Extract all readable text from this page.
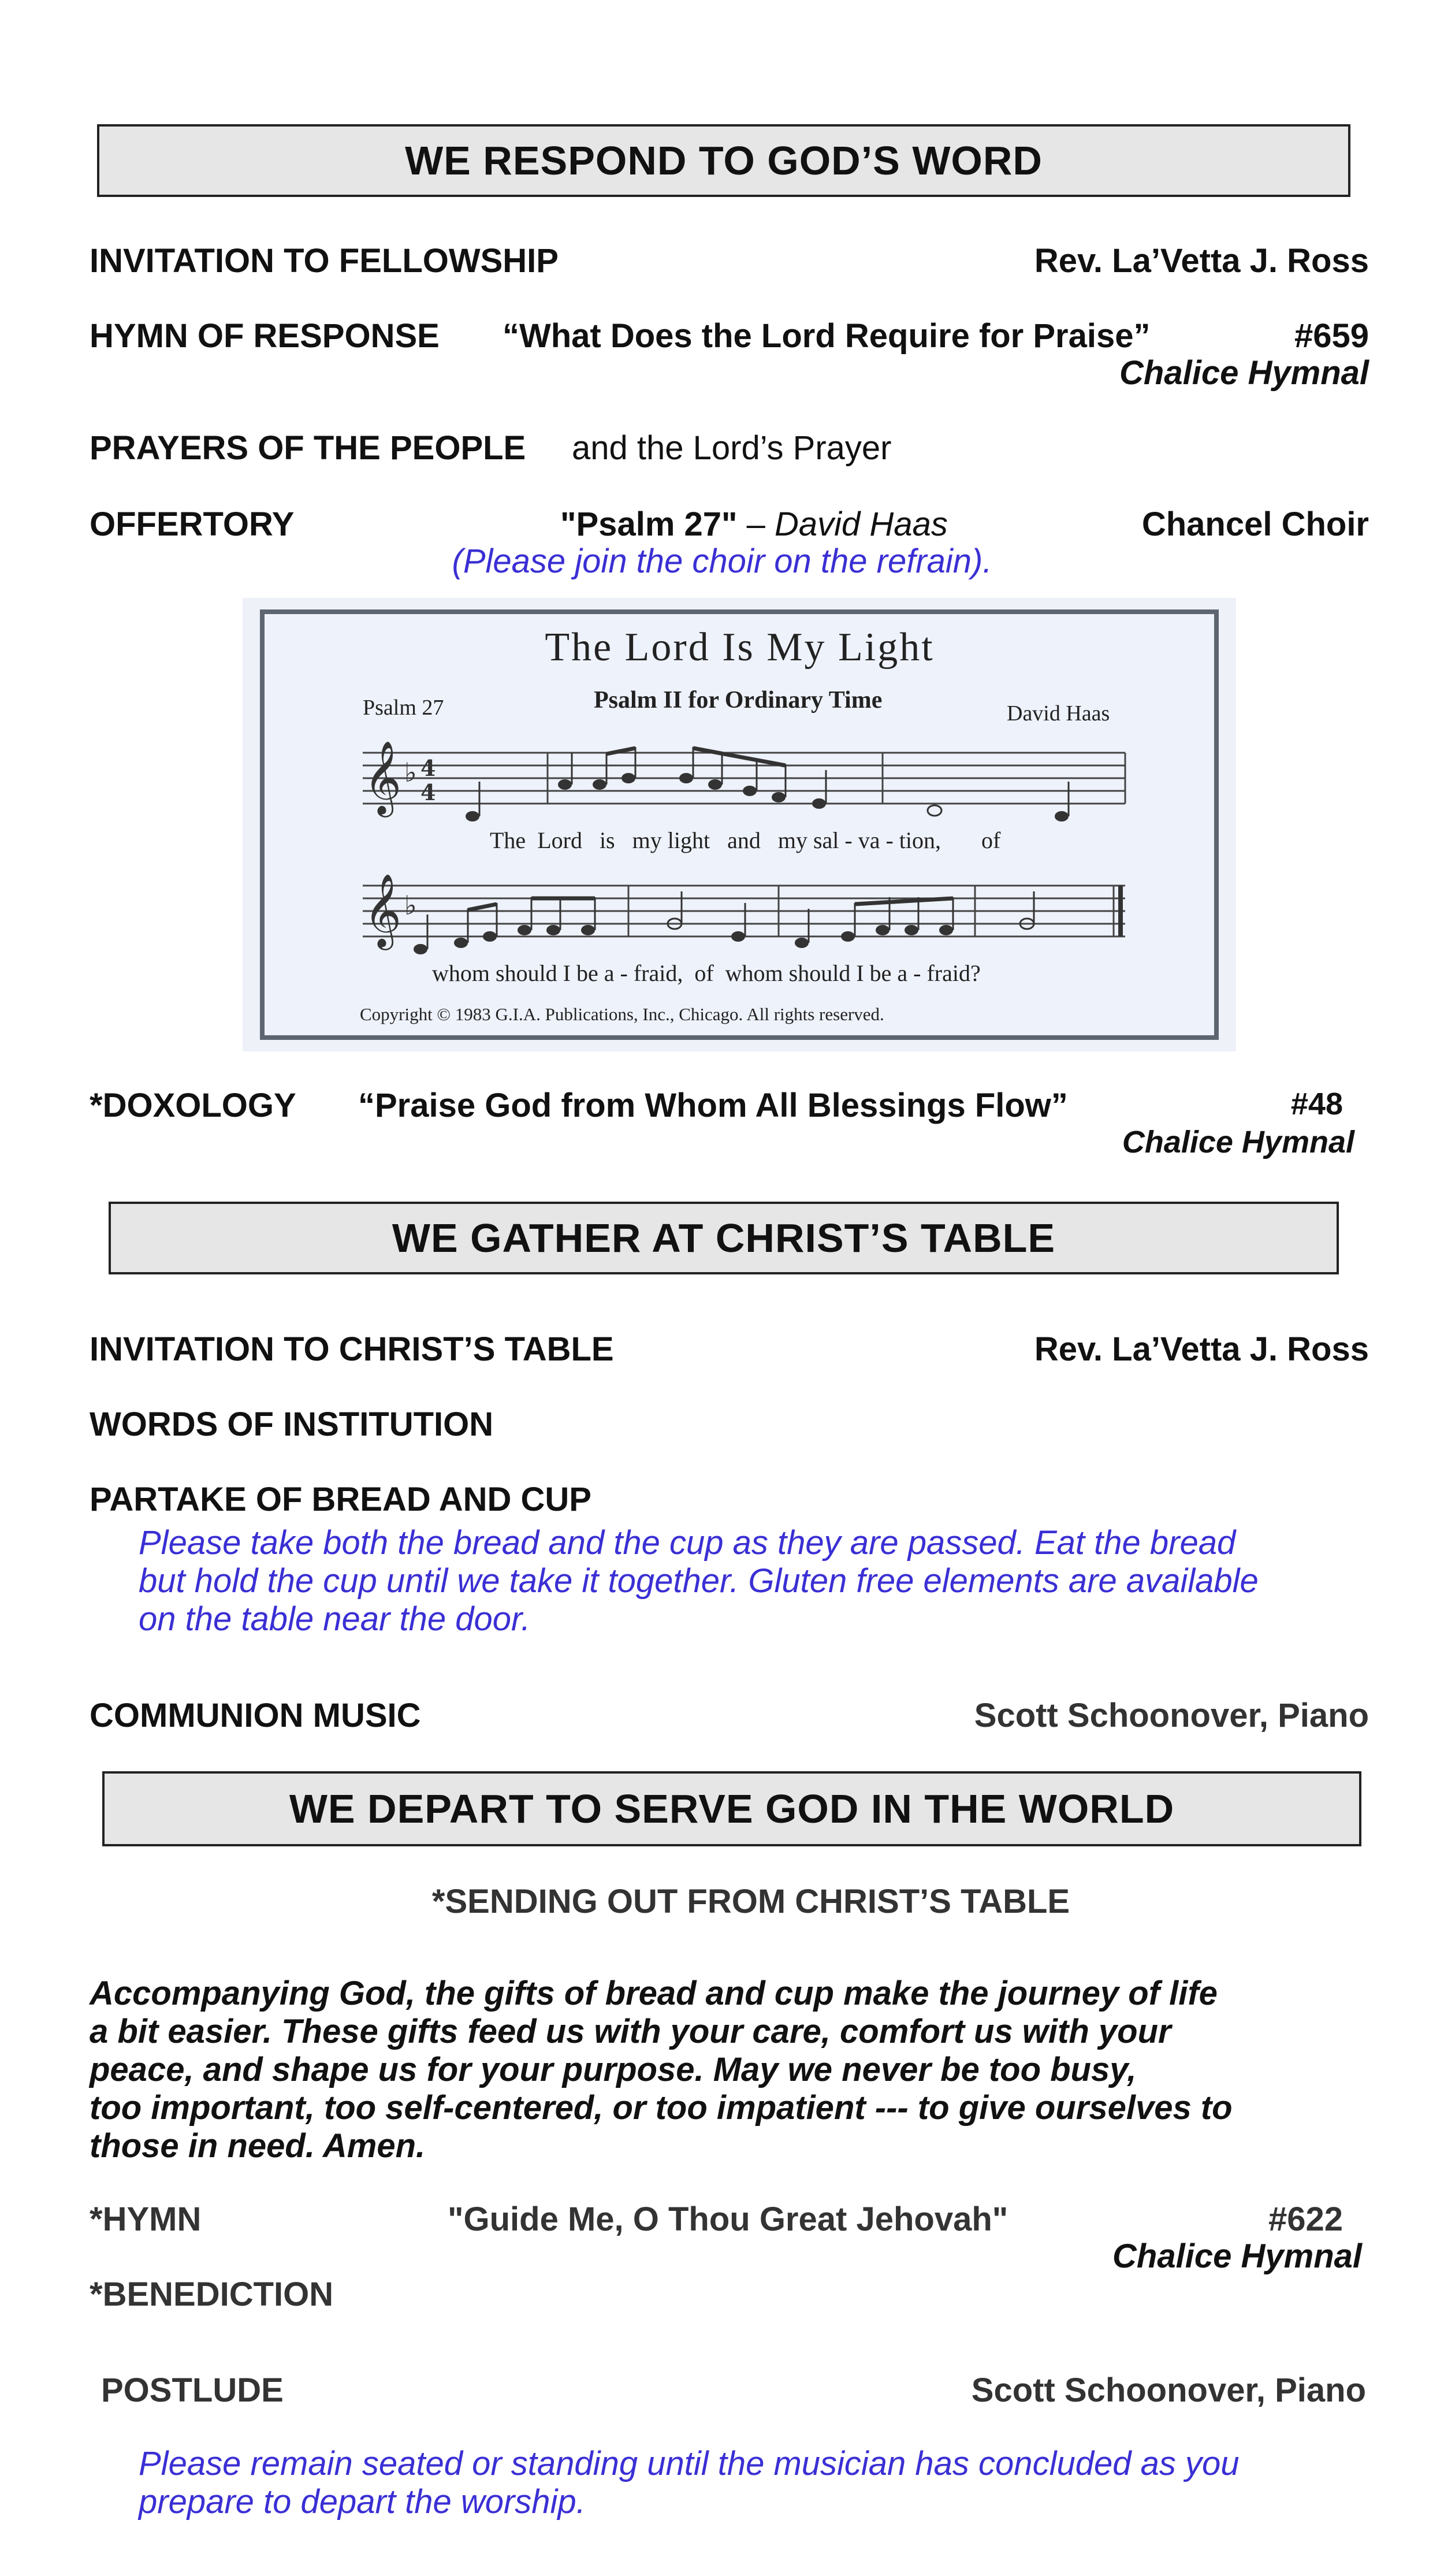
WE RESPOND TO GOD’S WORD
INVITATION TO FELLOWSHIP	Rev. La’Vetta J. Ross
HYMN OF RESPONSE “What Does the Lord Require for Praise”	#659
Chalice Hymnal
PRAYERS OF THE PEOPLE and the Lord’s Prayer
OFFERTORY	"Psalm 27" – David Haas	Chancel Choir
(Please join the choir on the refrain).
The Lord Is My Light
Psalm 27	Psalm II for Ordinary Time	David Haas
𝄞
𝄞
♭
♭
4
4
The  Lord   is   my light   and   my sal - va - tion,       of
whom should I be a - fraid,  of  whom should I be a - fraid?
Copyright © 1983 G.I.A. Publications, Inc., Chicago. All rights reserved.
*DOXOLOGY “Praise God from Whom All Blessings Flow”	#48
Chalice Hymnal
WE GATHER AT CHRIST’S TABLE
INVITATION TO CHRIST’S TABLE	Rev. La’Vetta J. Ross
WORDS OF INSTITUTION
PARTAKE OF BREAD AND CUP
Please take both the bread and the cup as they are passed. Eat the bread
but hold the cup until we take it together. Gluten free elements are available
on the table near the door.
COMMUNION MUSIC	Scott Schoonover, Piano
WE DEPART TO SERVE GOD IN THE WORLD
*SENDING OUT FROM CHRIST’S TABLE
Accompanying God, the gifts of bread and cup make the journey of life
a bit easier. These gifts feed us with your care, comfort us with your
peace, and shape us for your purpose. May we never be too busy,
too important, too self-centered, or too impatient --- to give ourselves to
those in need. Amen.
*HYMN	"Guide Me, O Thou Great Jehovah"	#622
Chalice Hymnal
*BENEDICTION
POSTLUDE	Scott Schoonover, Piano
Please remain seated or standing until the musician has concluded as you
prepare to depart the worship.
